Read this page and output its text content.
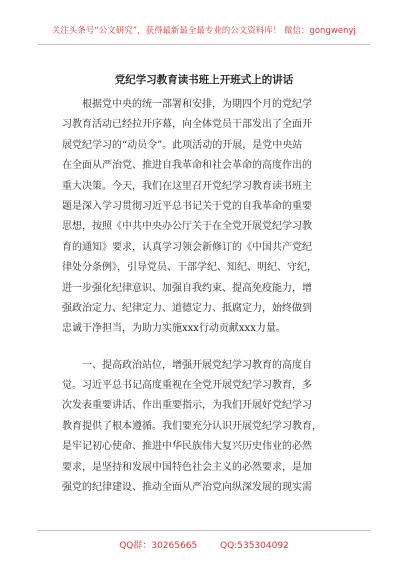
关注头条号“公文研究”，获得最新最全最专业的公文资料库！ 微信：gongwenyj
党纪学习教育读书班上开班式上的讲话
根据党中央的统一部署和安排，为期四个月的党纪学
习教育活动已经拉开序幕，向全体党员干部发出了全面开
展党纪学习的“动员令”。此项活动的开展，是党中央站
在全面从严治党、推进自我革命和社会革命的高度作出的
重大决策。今天，我们在这里召开党纪学习教育读书班主
题是深入学习贯彻习近平总书记关于党的自我革命的重要
思想，按照《中共中央办公厅关于在全党开展党纪学习教
育的通知》要求，认真学习领会新修订的《中国共产党纪
律处分条例》，引导党员、干部学纪、知纪、明纪、守纪，
进一步强化纪律意识、加强自我约束、提高免疫能力，增
强政治定力、纪律定力、道德定力、抵腐定力，始终做到
忠诚干净担当，为助力实施xxx行动贡献xxx力量。
一、提高政治站位，增强开展党纪学习教育的高度自
觉。习近平总书记高度重视在全党开展党纪学习教育，多
次发表重要讲话、作出重要指示，为我们开展好党纪学习
教育提供了根本遵循。我们要充分认识开展党纪学习教育，
是牢记初心使命、推进中华民族伟大复兴历史伟业的必然
要求，是坚持和发展中国特色社会主义的必然要求，是加
强党的纪律建设、推动全面从严治党向纵深发展的现实需
QQ群：30265665	QQ:535304092
